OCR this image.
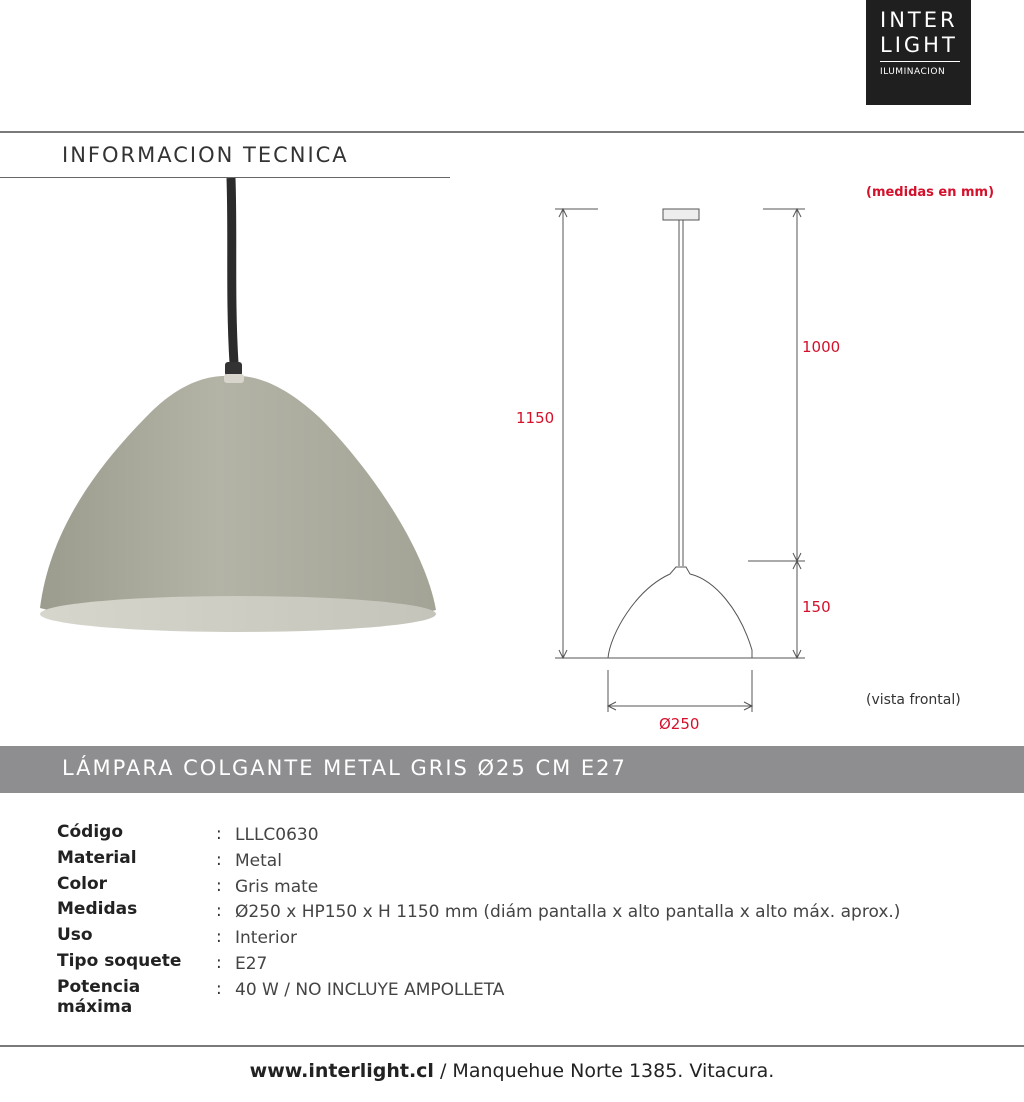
INTER
LIGHT
ILUMINACION
INFORMACION TECNICA
1150
1000
150
Ø250
(medidas en mm)
(vista frontal)
LÁMPARA COLGANTE METAL GRIS Ø25 CM E27
Código	: LLLC0630
Material	: Metal
Color	: Gris mate
Medidas	: Ø250 x HP150 x H 1150 mm (diám pantalla x alto pantalla x alto máx. aprox.)
Uso	: Interior
Tipo soquete	: E27
Potencia máxima
: 40 W / NO INCLUYE AMPOLLETA
www.interlight.cl / Manquehue Norte 1385. Vitacura.
